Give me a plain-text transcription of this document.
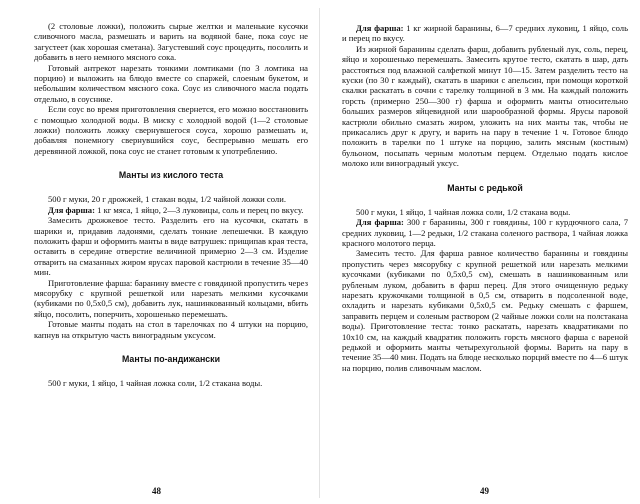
(2 столовые ложки), положить сырые желтки и маленькие кусочки сливочного масла, размешать и варить на водяной бане, пока соус не загустеет (как хорошая сметана). Загустевший соус процедить, посолить и добавить в него немного мясного сока.

Готовый антрекот нарезать тонкими ломтиками (по 3 ломтика на порцию) и выложить на блюдо вместе со спаржей, слоеным букетом, и небольшим количеством мясного сока. Соус из сливочного масла подать отдельно, в соуснике.

Если соус во время приготовления свернется, его можно восстановить с помощью холодной воды. В миску с холодной водой (1—2 столовые ложки) положить ложку свернувшегося соуса, хорошо размешать и, добавляя понемногу свернувшийся соус, беспрерывно мешать его деревянной ложкой, пока соус не станет готовым к употреблению.

Манты из кислого теста

500 г муки, 20 г дрожжей, 1 стакан воды, 1/2 чайной ложки соли.

Для фарша: 1 кг мяса, 1 яйцо, 2—3 луковицы, соль и перец по вкусу.

Замесить дрожжевое тесто. Разделить его на кусочки, скатать в шарики и, придавив ладонями, сделать тонкие лепешечки. В каждую положить фарш и оформить манты в виде ватрушек: прищипав края теста, оставить в середине отверстие величиной примерно 2—3 см. Изделие отварить на смазанных жиром ярусах паровой кастрюли в течение 35—40 мин.

Приготовление фарша: баранину вместе с говядиной пропустить через мясорубку с крупной решеткой или нарезать мелкими кусочками (кубиками по 0,5х0,5 см), добавить лук, нашинкованный кольцами, вбить яйцо, посолить, поперчить, хорошенько перемешать.

Готовые манты подать на стол в тарелочках по 4 штуки на порцию, капнув на открытую часть виноградным уксусом.

Манты по-андижански

500 г муки, 1 яйцо, 1 чайная ложка соли, 1/2 стакана воды.

48

Для фарша: 1 кг жирной баранины, 6—7 средних луковиц, 1 яйцо, соль и перец по вкусу.

Из жирной баранины сделать фарш, добавить рубленый лук, соль, перец, яйцо и хорошенько перемешать. Замесить крутое тесто, скатать в шар, дать расстояться под влажной салфеткой минут 10—15. Затем разделить тесто на куски (по 30 г каждый), скатать в шарики с апельсин, при помощи короткой скалки раскатать в сочни с тарелку толщиной в 3 мм. На каждый положить горсть (примерно 250—300 г) фарша и оформить манты относительно больших размеров яйцевидной или шарообразной формы. Ярусы паровой кастрюли обильно смазать жиром, уложить на них манты так, чтобы не прикасались друг к другу, и варить на пару в течение 1 ч. Готовое блюдо положить в тарелки по 1 штуке на порцию, залить мясным (костным) бульоном, посыпать черным молотым перцем. Отдельно подать кислое молоко или виноградный уксус.

Манты с редькой

500 г муки, 1 яйцо, 1 чайная ложка соли, 1/2 стакана воды.

Для фарша: 300 г баранины, 300 г говядины, 100 г курдючного сала, 7 средних луковиц, 1—2 редьки, 1/2 стакана соленого раствора, 1 чайная ложка красного молотого перца.

Замесить тесто. Для фарша равное количество баранины и говядины пропустить через мясорубку с крупной решеткой или нарезать мелкими кусочками (кубиками по 0,5х0,5 см), смешать в нашинкованным или рубленым луком, добавить в фарш перец. Для этого очищенную редьку нарезать кружочками толщиной в 0,5 см, отварить в подсоленной воде, охладить и нарезать кубиками 0,5х0,5 см. Редьку смешать с фаршем, заправить перцем и соленым раствором (2 чайные ложки соли на полстакана воды). Приготовление теста: тонко раскатать, нарезать квадратиками по 10х10 см, на каждый квадратик положить горсть мясного фарша с вареной редькой и оформить манты четырехугольной формы. Варить на пару в течение 35—40 мин. Подать на блюде несколько порций вместе по 4—6 штук на порцию, полив сливочным маслом.

49
